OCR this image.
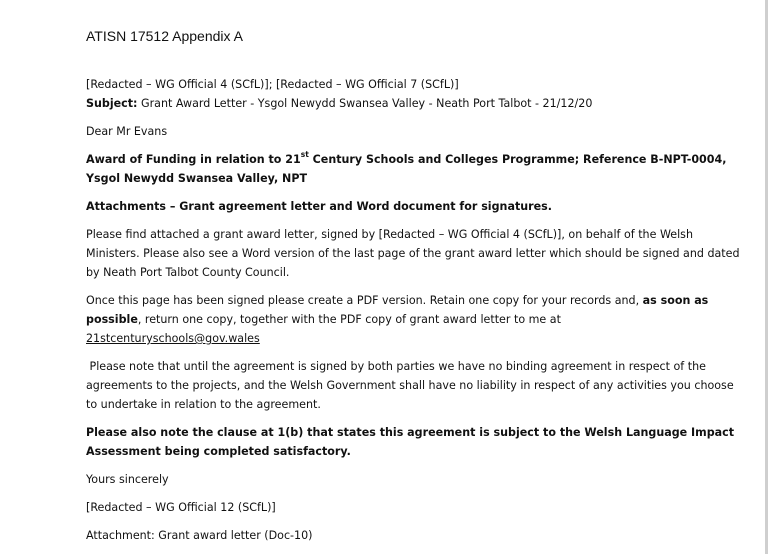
ATISN 17512 Appendix A

[Redacted – WG Official 4 (SCfL)]; [Redacted – WG Official 7 (SCfL)]
Subject: Grant Award Letter - Ysgol Newydd Swansea Valley - Neath Port Talbot - 21/12/20

Dear Mr Evans

Award of Funding in relation to 21st Century Schools and Colleges Programme; Reference B-NPT-0004, Ysgol Newydd Swansea Valley, NPT

Attachments – Grant agreement letter and Word document for signatures.

Please find attached a grant award letter, signed by [Redacted – WG Official 4 (SCfL)], on behalf of the Welsh Ministers. Please also see a Word version of the last page of the grant award letter which should be signed and dated by Neath Port Talbot County Council.

Once this page has been signed please create a PDF version. Retain one copy for your records and, as soon as possible, return one copy, together with the PDF copy of grant award letter to me at
21stcenturyschools@gov.wales

Please note that until the agreement is signed by both parties we have no binding agreement in respect of the agreements to the projects, and the Welsh Government shall have no liability in respect of any activities you choose to undertake in relation to the agreement.

Please also note the clause at 1(b) that states this agreement is subject to the Welsh Language Impact Assessment being completed satisfactory.

Yours sincerely

[Redacted – WG Official 12 (SCfL)]

Attachment: Grant award letter (Doc-10)
